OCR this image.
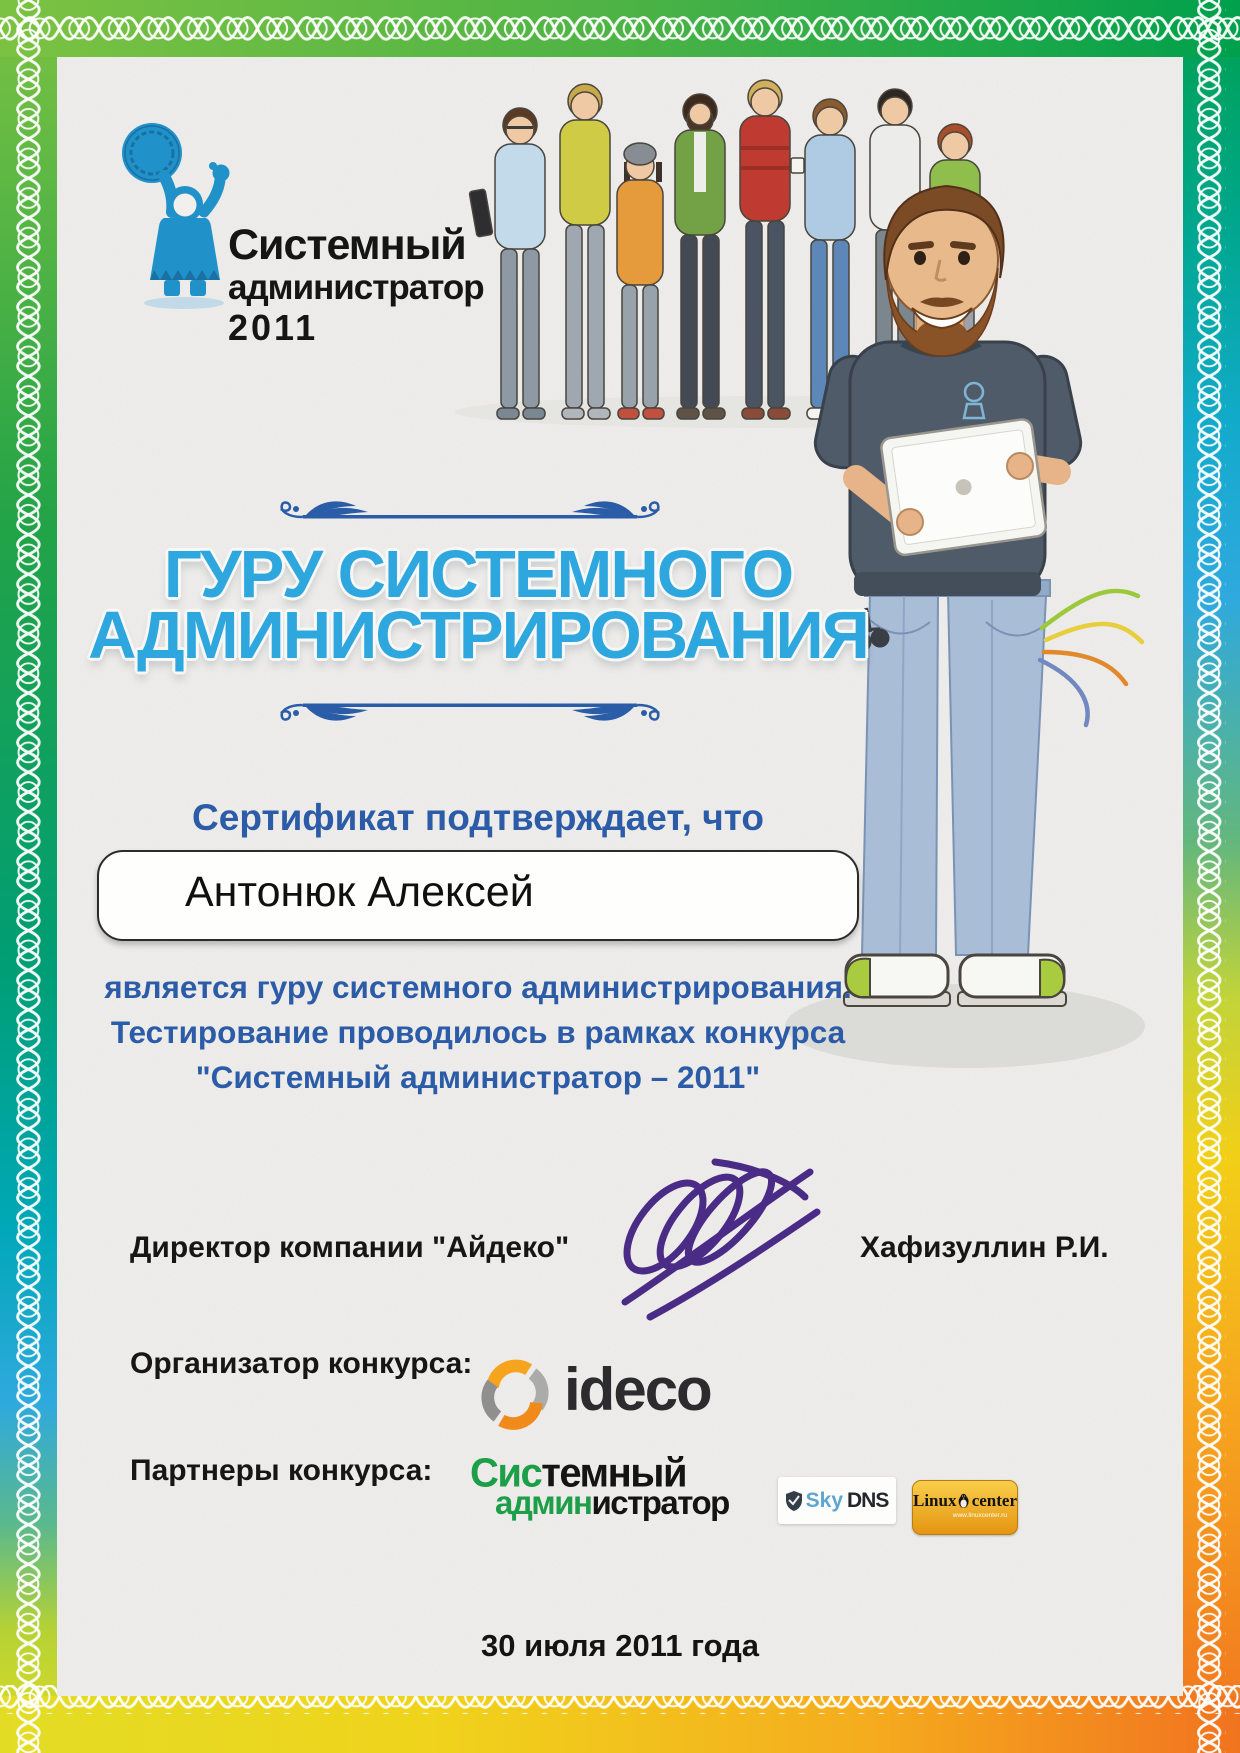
Системный
администратор
2011
ГУРУ СИСТЕМНОГО
АДМИНИСТРИРОВАНИЯ
Сертификат подтверждает, что
Антонюк Алексей
является гуру системного администрирования.
Тестирование проводилось в рамках конкурса
"Системный администратор – 2011"
Директор компании "Айдеко"	Хафизуллин Р.И.
Организатор конкурса: ideco
Партнеры конкурса: Системный
администратор	Sky DNS Linux center
www.linuxcenter.ru
30 июля 2011 года
